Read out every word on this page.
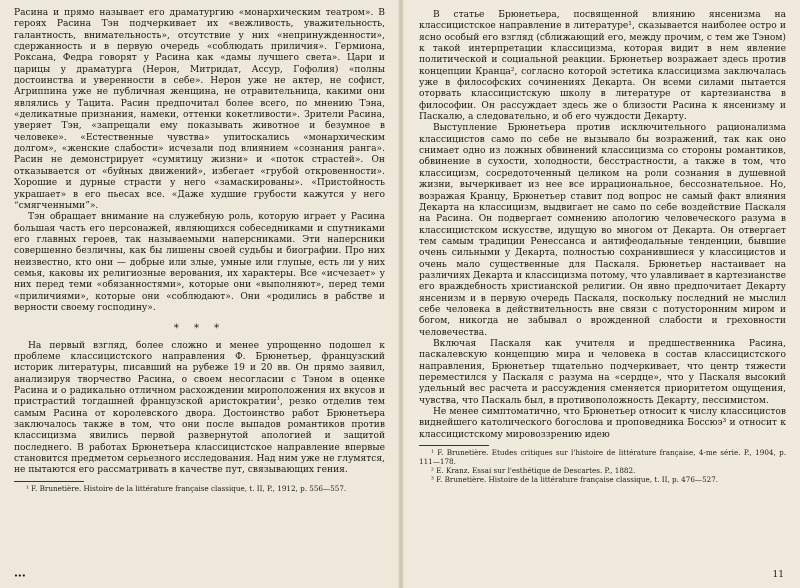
Расина и прямо называет его драматургию «монархическим театром». В героях Расина Тэн подчеркивает их «вежливость, уважительность, галантность, внимательность», отсутствие у них «непринужденности», сдержанность и в первую очередь «соблюдать приличия». Гермиона, Роксана, Федра говорят у Расина как «дамы лучшего света». Цари и царицы у драматурга (Нерон, Митридат, Ассур, Гофолия) «полны достоинства и уверенности в себе». Нерон уже не актер, не софист, Агриппина уже не публичная женщина, не отравительница, какими они являлись у Тацита. Расин предпочитал более всего, по мнению Тэна, «деликатные признания, намеки, оттенки кокетливости». Зрители Расина, уверяет Тэн, «запрещали ему показывать животное и безумное в человеке». «Естественные чувства» упитоскались «монархическим долгом», «женские слабости» исчезали под влиянием «сознания ранга». Расин не демонстрирует «сумятицу жизни» и «поток страстей». Он отказывается от «буйных движений», избегает «грубой откровенности». Хорошие и дурные страсти у него «замаскированы». «Пристойность украшает» в его пьесах все. «Даже худшие грубости кажутся у него “смягченными”».

Тэн обращает внимание на служебную роль, которую играет у Расина большая часть его персонажей, являющихся собеседниками и спутниками его главных героев, так называемыми наперсниками. Эти наперсники совершенно безличны, как бы лишены своей судьбы и биографии. Про них неизвестно, кто они — добрые или злые, умные или глупые, есть ли у них семья, каковы их религиозные верования, их характеры. Все «исчезает» у них перед теми «обязанностями», которые они «выполняют», перед теми «приличиями», которые они «соблюдают». Они «родились в рабстве и верности своему господину».

* * *

На первый взгляд, более сложно и менее упрощенно подошел к проблеме классицистского направления Ф. Брюнетьер, французский историк литературы, писавший на рубеже 19 и 20 вв. Он прямо заявил, анализируя творчество Расина, о своем несогласии с Тэном в оценке Расина и о радикально отличном расхождении мироположения их вкусов и пристрастий тогдашней французской аристократии$^1$, резко отделив тем самым Расина от королевского двора. Достоинство работ Брюнетьера заключалось также в том, что они после выпадов романтиков против классицизма явились первой развернутой апологией и защитой последнего. В работах Брюнетьера классицистское направление впервые становится предметом серьезного исследования. Над ним уже не глумятся, не пытаются его рассматривать в качестве пут, связывающих гения.

¹ F. Brunetière. Histoire de la littérature française classique, t. II, P., 1912, p. 556—557.

∙∙∙

В статье Брюнетьера, посвященной влиянию янсенизма на классицистское направление в литературе¹, сказывается наиболее остро и ясно особый его взгляд (сближающий его, между прочим, с тем же Тэном) к такой интерпретации классицизма, которая видит в нем явление политической и социальной реакции. Брюнетьер возражает здесь против концепции Кранца², согласно которой эстетика классицизма заключалась уже в философских сочинениях Декарта. Он всеми силами пытается оторвать классицистскую школу в литературе от картезианства в философии. Он рассуждает здесь же о близости Расина к янсенизму и Паскалю, а следовательно, и об его чуждости Декарту.

Выступление Брюнетьера против исключительного рационализма классицистов само по себе не вызывало бы возражений, так как оно снимает одно из ложных обвинений классицизма со стороны романтиков, обвинение в сухости, холодности, бесстрастности, а также в том, что классицизм, сосредоточенный целиком на роли сознания в душевной жизни, вычеркивает из нее все иррациональное, бессознательное. Но, возражая Кранцу, Брюнетьер ставит под вопрос не самый факт влияния Декарта на классицизм, выдвигает не само по себе воздействие Паскаля на Расина. Он подвергает сомнению апологию человеческого разума в классицистском искусстве, идущую во многом от Декарта. Он отвергает тем самым традиции Ренессанса и антифеодальные тенденции, бывшие очень сильными у Декарта, полностью сохранившиеся у классицистов и очень мало существенные для Паскаля. Брюнетьер настаивает на различиях Декарта и классицизма потому, что улавливает в картезианстве его враждебность христианской религии. Он явно предпочитает Декарту янсенизм и в первую очередь Паскаля, поскольку последний не мыслил себе человека в действительность вне связи с потусторонним миром и богом, никогда не забывал о врожденной слабости и греховности человечества.

Включая Паскаля как учителя и предшественника Расина, паскалевскую концепцию мира и человека в состав классицистского направления, Брюнетьер тщательно подчеркивает, что центр тяжести переместился у Паскаля с разума на «сердце», что у Паскаля высокий удельный вес расчета и рассуждения сменяется приоритетом ощущения, чувства, что Паскаль был, в противоположность Декарту, пессимистом.

Не менее симптоматично, что Брюнетьер относит к числу классицистов виднейшего католического богослова и проповедника Боссюэ³ и относит к классицистскому мировоззрению идею

¹ F. Brunetière. Etudes critiques sur l'histoire de littérature française, 4-me série. P., 1904, p. 111—178.

² E. Kranz. Essai sur l'esthétique de Descartes. P., 1882.

³ F. Brunetière. Histoire de la littérature française classique, t. II, p. 476—527.

11
